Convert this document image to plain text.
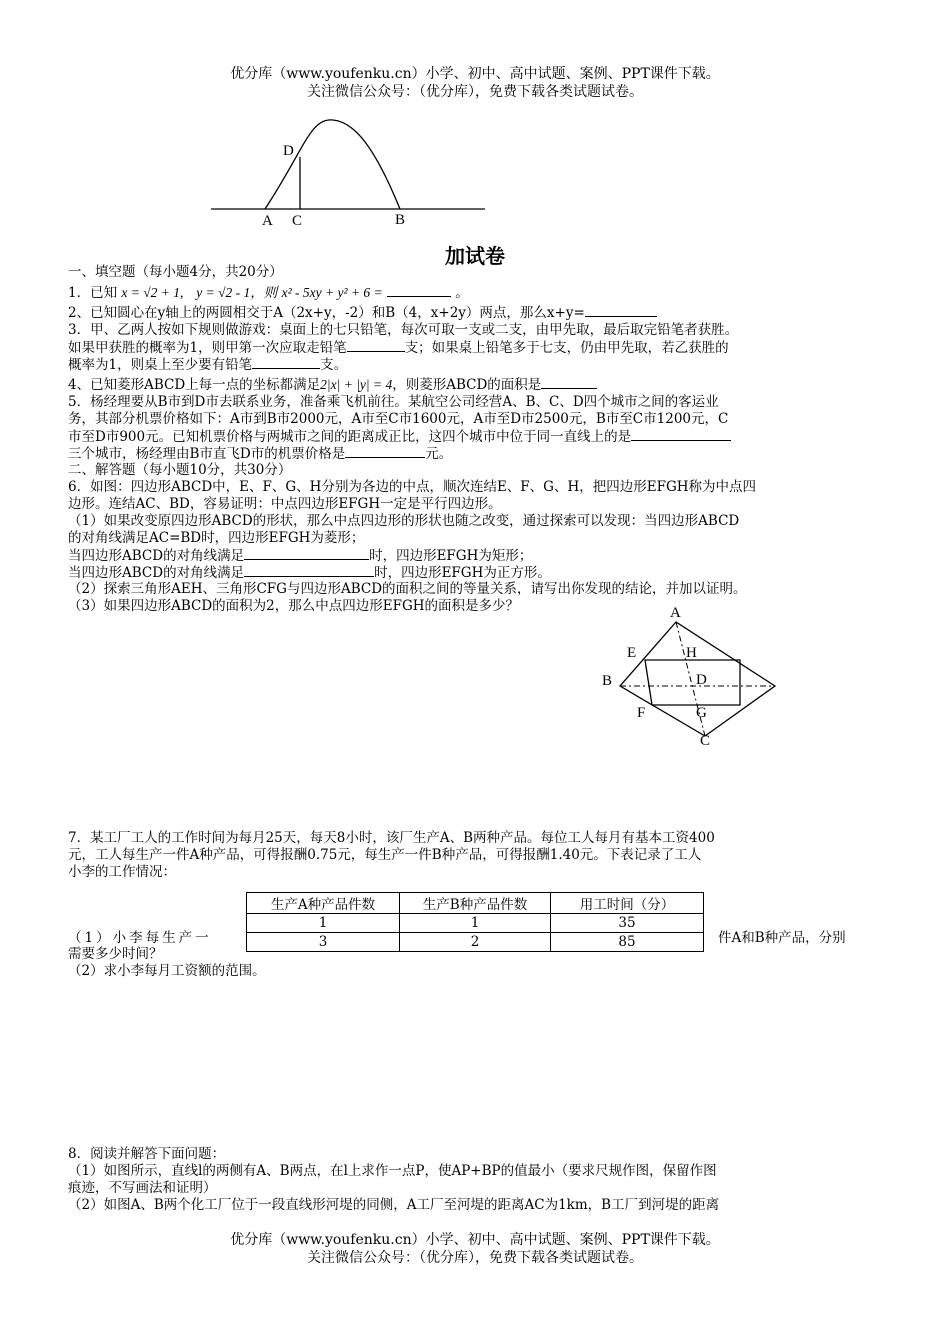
优分库（www.youfenku.cn）小学、初中、高中试题、案例、PPT课件下载。
关注微信公众号：（优分库），免费下载各类试题试卷。
D
A C	B
加试卷
一、填空题（每小题4分，共20分）
1．已知 x = √2 + 1, y = √2 - 1，则 x² - 5xy + y² + 6 =	。
2、已知圆心在y轴上的两圆相交于A（2x+y，-2）和B（4，x+2y）两点，那么x+y=
3．甲、乙两人按如下规则做游戏：桌面上的七只铅笔，每次可取一支或二支，由甲先取，最后取完铅笔者获胜。
如果甲获胜的概率为1，则甲第一次应取走铅笔	支；如果桌上铅笔多于七支，仍由甲先取，若乙获胜的
概率为1，则桌上至少要有铅笔	支。
4、已知菱形ABCD上每一点的坐标都满足2|x| + |y| = 4，则菱形ABCD的面积是
5．杨经理要从B市到D市去联系业务，准备乘飞机前往。某航空公司经营A、B、C、D四个城市之间的客运业
务，其部分机票价格如下：A市到B市2000元，A市至C市1600元，A市至D市2500元，B市至C市1200元，C
市至D市900元。已知机票价格与两城市之间的距离成正比，这四个城市中位于同一直线上的是
三个城市，杨经理由B市直飞D市的机票价格是	元。
二、解答题（每小题10分，共30分）
6．如图：四边形ABCD中，E、F、G、H分别为各边的中点，顺次连结E、F、G、H，把四边形EFGH称为中点四
边形。连结AC、BD，容易证明：中点四边形EFGH一定是平行四边形。
（1）如果改变原四边形ABCD的形状，那么中点四边形的形状也随之改变，通过探索可以发现：当四边形ABCD
的对角线满足AC=BD时，四边形EFGH为菱形；
当四边形ABCD的对角线满足	时，四边形EFGH为矩形；
当四边形ABCD的对角线满足	时，四边形EFGH为正方形。
（2）探索三角形AEH、三角形CFG与四边形ABCD的面积之间的等量关系，请写出你发现的结论，并加以证明。
（3）如果四边形ABCD的面积为2，那么中点四边形EFGH的面积是多少？	A
E	H
B	D
F	G
C
7．某工厂工人的工作时间为每月25天，每天8小时，该厂生产A、B两种产品。每位工人每月有基本工资400
元，工人每生产一件A种产品，可得报酬0.75元，每生产一件B种产品，可得报酬1.40元。下表记录了工人
小李的工作情况：
生产A种产品件数	生产B种产品件数	用工时间（分）
1	1	35
3	2	85
（1）小李每生产一	件A和B种产品，分别
需要多少时间？
（2）求小李每月工资额的范围。
8．阅读并解答下面问题：
（1）如图所示，直线l的两侧有A、B两点，在l上求作一点P，使AP+BP的值最小（要求尺规作图，保留作图
痕迹，不写画法和证明）
（2）如图A、B两个化工厂位于一段直线形河堤的同侧，A工厂至河堤的距离AC为1km，B工厂到河堤的距离
优分库（www.youfenku.cn）小学、初中、高中试题、案例、PPT课件下载。
关注微信公众号：（优分库），免费下载各类试题试卷。
